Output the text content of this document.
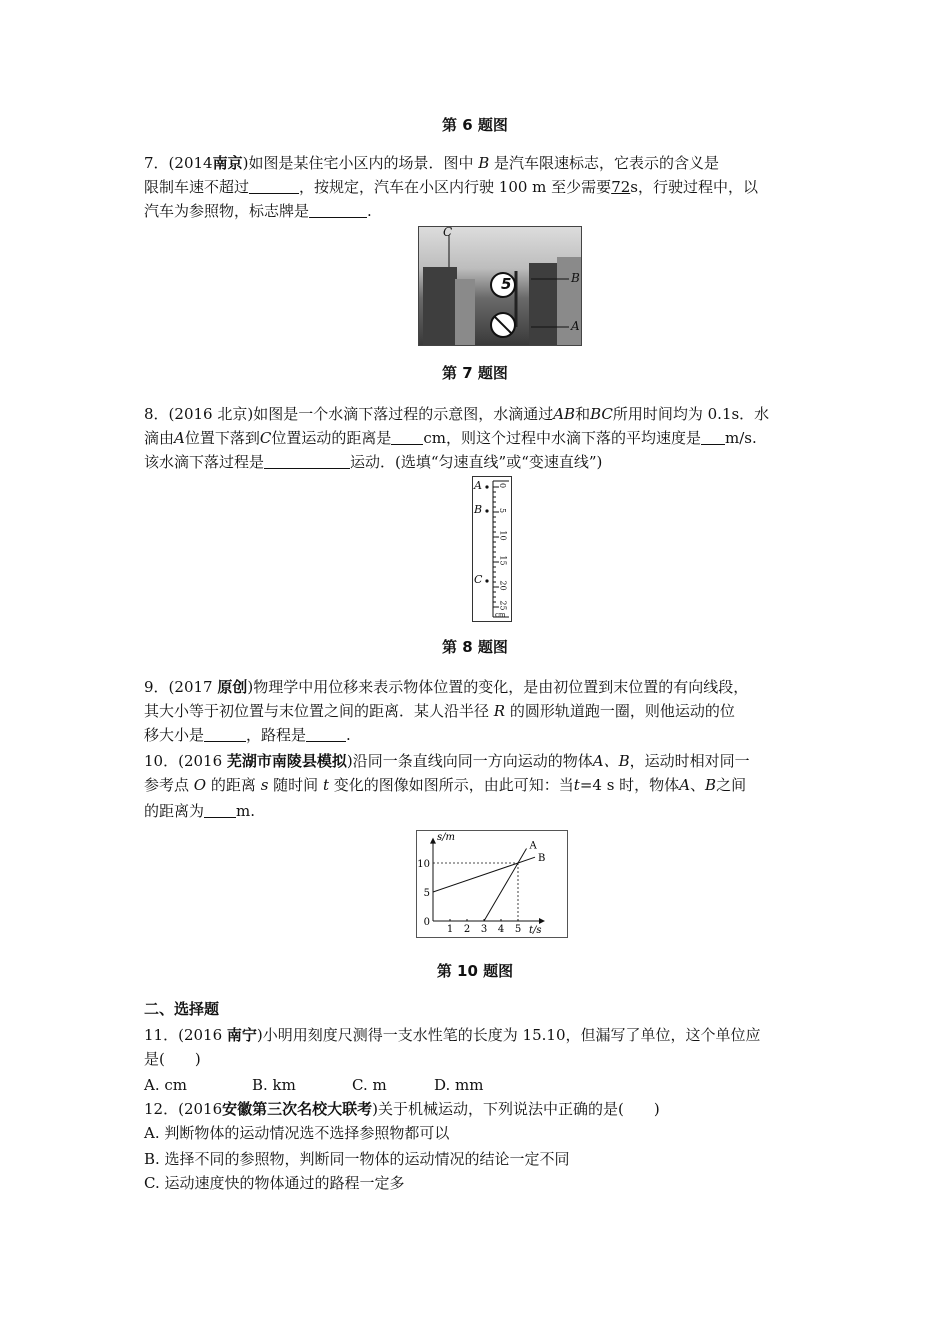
第 6 题图
7．(2014南京)如图是某住宅小区内的场景．图中 B 是汽车限速标志，它表示的含义是
限制车速不超过	，按规定，汽车在小区内行驶 100 m 至少需要72s，行驶过程中，以
汽车为参照物，标志牌是	.
5
C
B
A
第 7 题图
8．(2016 北京)如图是一个水滴下落过程的示意图，水滴通过AB和BC所用时间均为 0.1s．水
滴由A位置下落到C位置运动的距离是 cm，则这个过程中水滴下落的平均速度是 m/s.
该水滴下落过程是	运动．(选填“匀速直线”或“变速直线”)
A
B
C
0
5
10
15
20
25
cm
第 8 题图
9．(2017 原创)物理学中用位移来表示物体位置的变化，是由初位置到末位置的有向线段，
其大小等于初位置与末位置之间的距离．某人沿半径 R 的圆形轨道跑一圈，则他运动的位
移大小是	，路程是	.
10．(2016 芜湖市南陵县模拟)沿同一条直线向同一方向运动的物体A、B，运动时相对同一
参考点 O 的距离 s 随时间 t 变化的图像如图所示，由此可知：当t=4 s 时，物体A、B之间
的距离为 m.
1 2 3 4 5
0
5
10
t/s
s/m
A
B
第 10 题图
二、选择题
11．(2016 南宁)小明用刻度尺测得一支水性笔的长度为 15.10，但漏写了单位，这个单位应
是(　　)
A. cm	B. km	C. m	D. mm
12．(2016安徽第三次名校大联考)关于机械运动，下列说法中正确的是(　　)
A. 判断物体的运动情况选不选择参照物都可以
B. 选择不同的参照物，判断同一物体的运动情况的结论一定不同
C. 运动速度快的物体通过的路程一定多
